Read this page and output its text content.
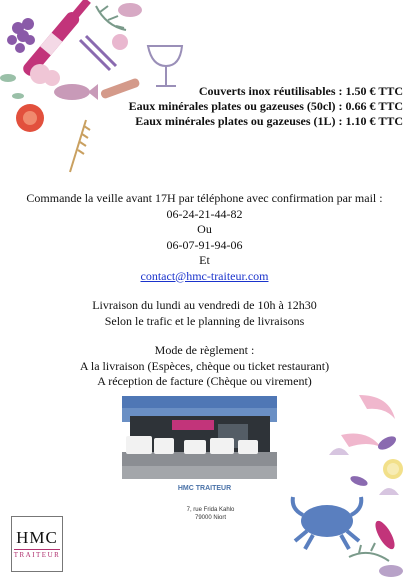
Couverts inox réutilisables : 1.50 € TTC
Eaux minérales plates ou gazeuses (50cl) : 0.66 € TTC
Eaux minérales plates ou gazeuses (1L) : 1.10 € TTC
Commande la veille avant 17H par téléphone avec confirmation par mail :
06-24-21-44-82
Ou
06-07-91-94-06
Et
contact@hmc-traiteur.com
Livraison du lundi au vendredi de 10h à 12h30
Selon le trafic et le planning de livraisons
Mode de règlement :
A la livraison (Espèces, chèque ou ticket restaurant)
A réception de facture (Chèque ou virement)
HMC TRAITEUR
7, rue Frida Kahlo
79000 Niort
HMC
TRAITEUR
